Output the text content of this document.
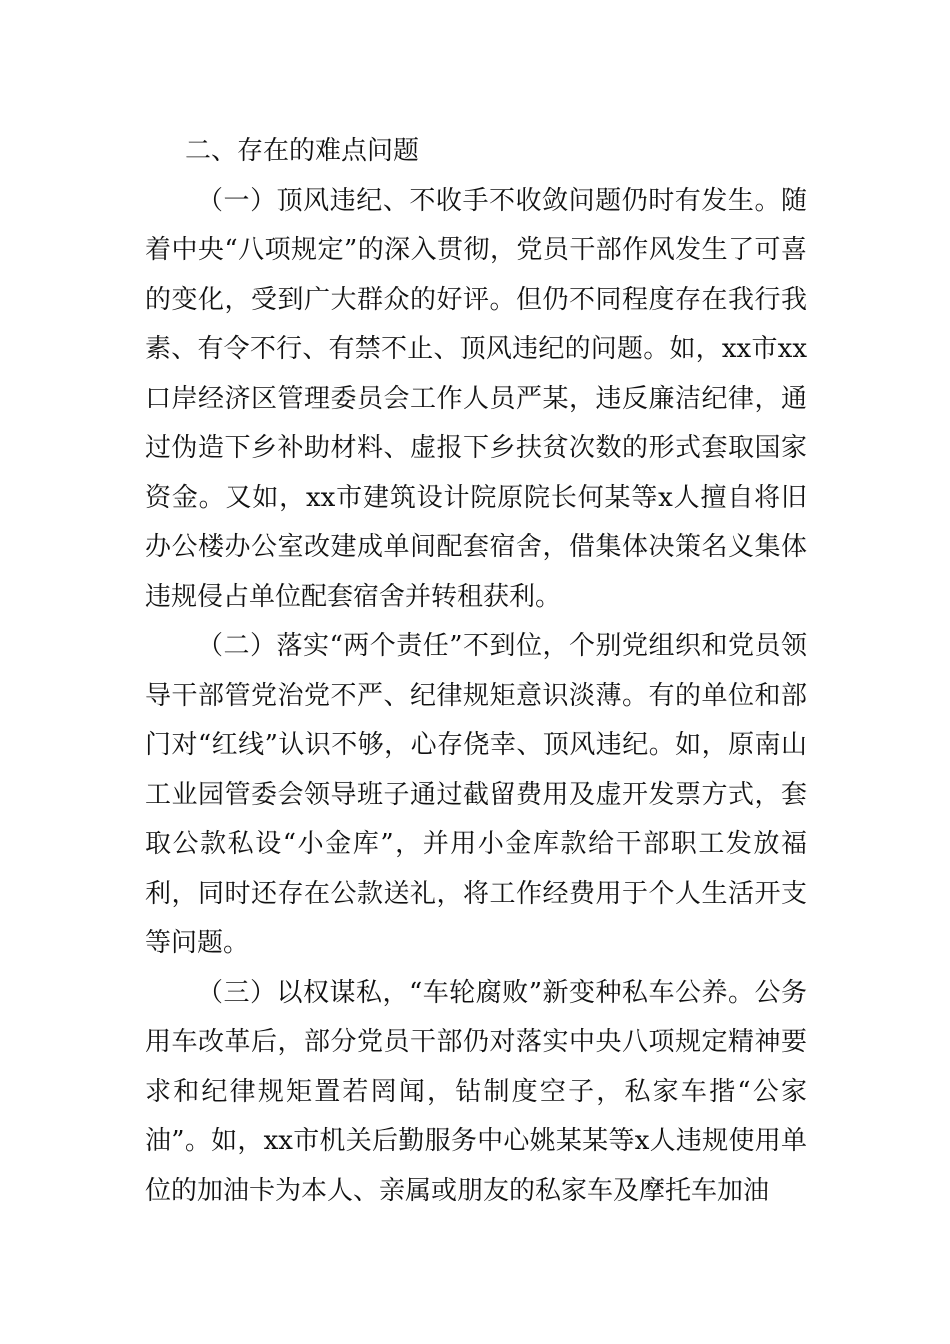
二、存在的难点问题

（一）顶风违纪、不收手不收敛问题仍时有发生。随着中央“八项规定”的深入贯彻，党员干部作风发生了可喜的变化，受到广大群众的好评。但仍不同程度存在我行我素、有令不行、有禁不止、顶风违纪的问题。如，xx市xx口岸经济区管理委员会工作人员严某，违反廉洁纪律，通过伪造下乡补助材料、虚报下乡扶贫次数的形式套取国家资金。又如，xx市建筑设计院原院长何某等x人擅自将旧办公楼办公室改建成单间配套宿舍，借集体决策名义集体违规侵占单位配套宿舍并转租获利。

（二）落实“两个责任”不到位，个别党组织和党员领导干部管党治党不严、纪律规矩意识淡薄。有的单位和部门对“红线”认识不够，心存侥幸、顶风违纪。如，原南山工业园管委会领导班子通过截留费用及虚开发票方式，套取公款私设“小金库”，并用小金库款给干部职工发放福利，同时还存在公款送礼，将工作经费用于个人生活开支等问题。

（三）以权谋私，“车轮腐败”新变种私车公养。公务用车改革后，部分党员干部仍对落实中央八项规定精神要求和纪律规矩置若罔闻，钻制度空子，私家车揩“公家油”。如，xx市机关后勤服务中心姚某某等x人违规使用单位的加油卡为本人、亲属或朋友的私家车及摩托车加油
